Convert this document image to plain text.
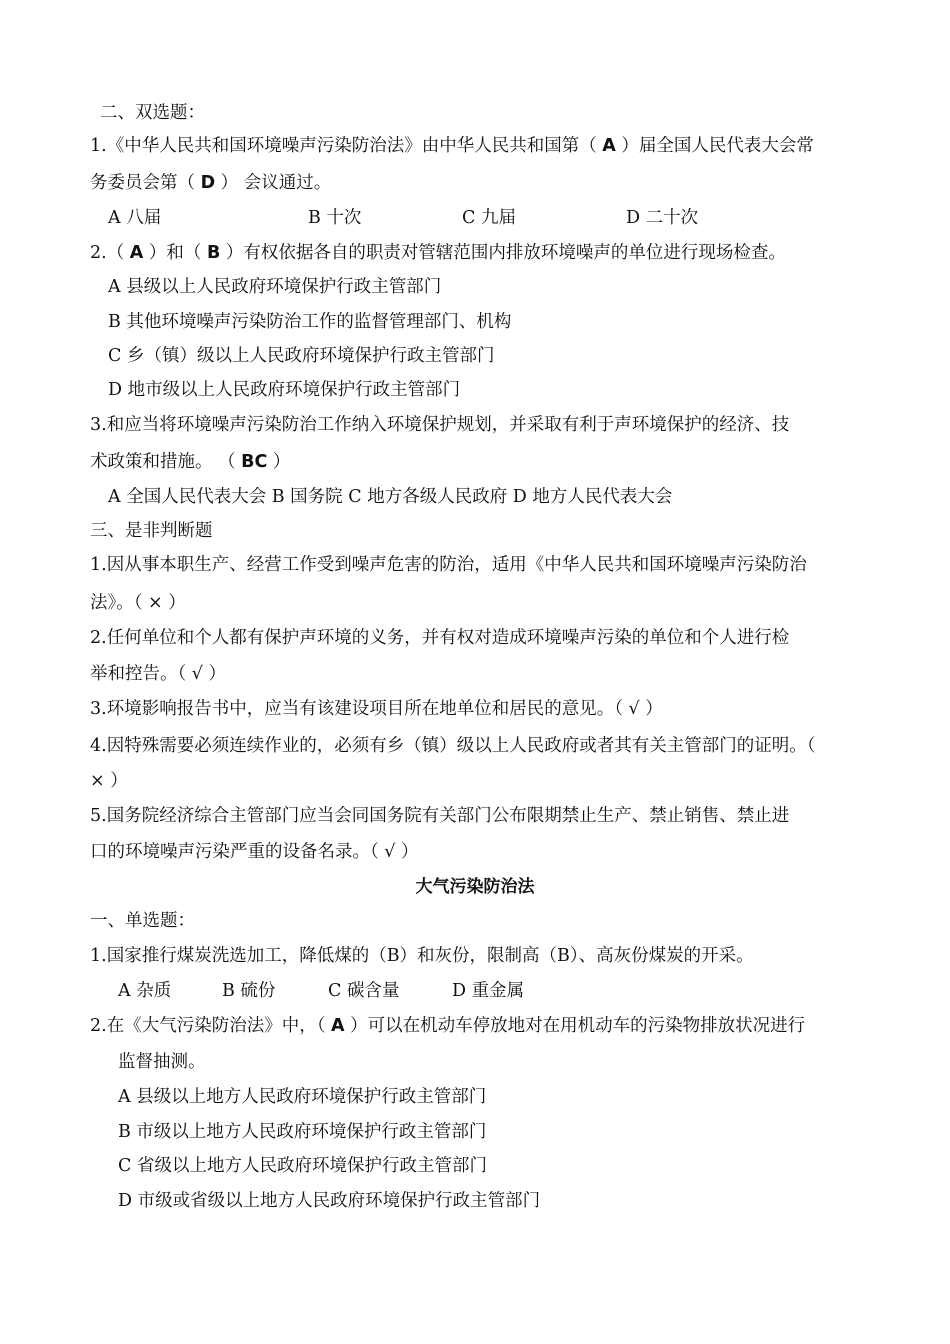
二、双选题：
1.《中华人民共和国环境噪声污染防治法》由中华人民共和国第（ A ）届全国人民代表大会常
务委员会第（ D ） 会议通过。
A 八届	B 十次	C 九届	D 二十次
2.（ A ）和（ B ）有权依据各自的职责对管辖范围内排放环境噪声的单位进行现场检查。
A 县级以上人民政府环境保护行政主管部门
B 其他环境噪声污染防治工作的监督管理部门、机构
C 乡（镇）级以上人民政府环境保护行政主管部门
D 地市级以上人民政府环境保护行政主管部门
3.和应当将环境噪声污染防治工作纳入环境保护规划，并采取有利于声环境保护的经济、技
术政策和措施。 （ BC ）
A 全国人民代表大会 B 国务院 C 地方各级人民政府 D 地方人民代表大会
三、是非判断题
1.因从事本职生产、经营工作受到噪声危害的防治，适用《中华人民共和国环境噪声污染防治
法》。（ × ）
2.任何单位和个人都有保护声环境的义务，并有权对造成环境噪声污染的单位和个人进行检
举和控告。（ √ ）
3.环境影响报告书中，应当有该建设项目所在地单位和居民的意见。（ √ ）
4.因特殊需要必须连续作业的，必须有乡（镇）级以上人民政府或者其有关主管部门的证明。（
× ）
5.国务院经济综合主管部门应当会同国务院有关部门公布限期禁止生产、禁止销售、禁止进
口的环境噪声污染严重的设备名录。（ √ ）
大气污染防治法
一、单选题：
1.国家推行煤炭洗选加工，降低煤的（B）和灰份，限制高（B）、高灰份煤炭的开采。
A 杂质	B 硫份	C 碳含量	D 重金属
2.在《大气污染防治法》中，（ A ）可以在机动车停放地对在用机动车的污染物排放状况进行
监督抽测。
A 县级以上地方人民政府环境保护行政主管部门
B 市级以上地方人民政府环境保护行政主管部门
C 省级以上地方人民政府环境保护行政主管部门
D 市级或省级以上地方人民政府环境保护行政主管部门
